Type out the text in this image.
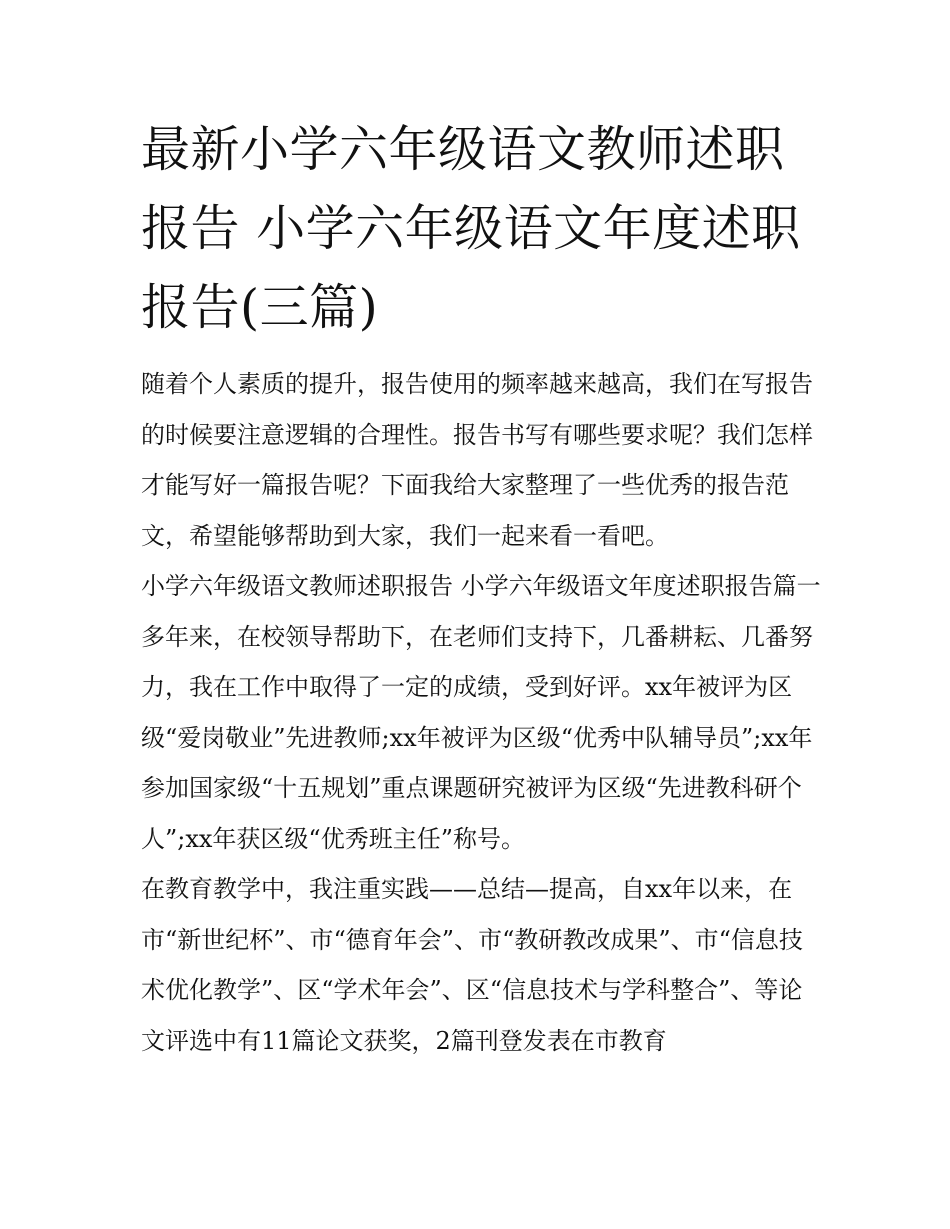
最新小学六年级语文教师述职报告 小学六年级语文年度述职报告(三篇)

随着个人素质的提升，报告使用的频率越来越高，我们在写报告的时候要注意逻辑的合理性。报告书写有哪些要求呢？我们怎样才能写好一篇报告呢？下面我给大家整理了一些优秀的报告范文，希望能够帮助到大家，我们一起来看一看吧。

小学六年级语文教师述职报告 小学六年级语文年度述职报告篇一

多年来，在校领导帮助下，在老师们支持下，几番耕耘、几番努力，我在工作中取得了一定的成绩，受到好评。xx年被评为区级“爱岗敬业”先进教师;xx年被评为区级“优秀中队辅导员”;xx年参加国家级“十五规划”重点课题研究被评为区级“先进教科研个人”;xx年获区级“优秀班主任”称号。

在教育教学中，我注重实践——总结—提高，自xx年以来，在市“新世纪杯”、市“德育年会”、市“教研教改成果”、市“信息技术优化教学”、区“学术年会”、区“信息技术与学科整合”、等论文评选中有11篇论文获奖，2篇刊登发表在市教育
